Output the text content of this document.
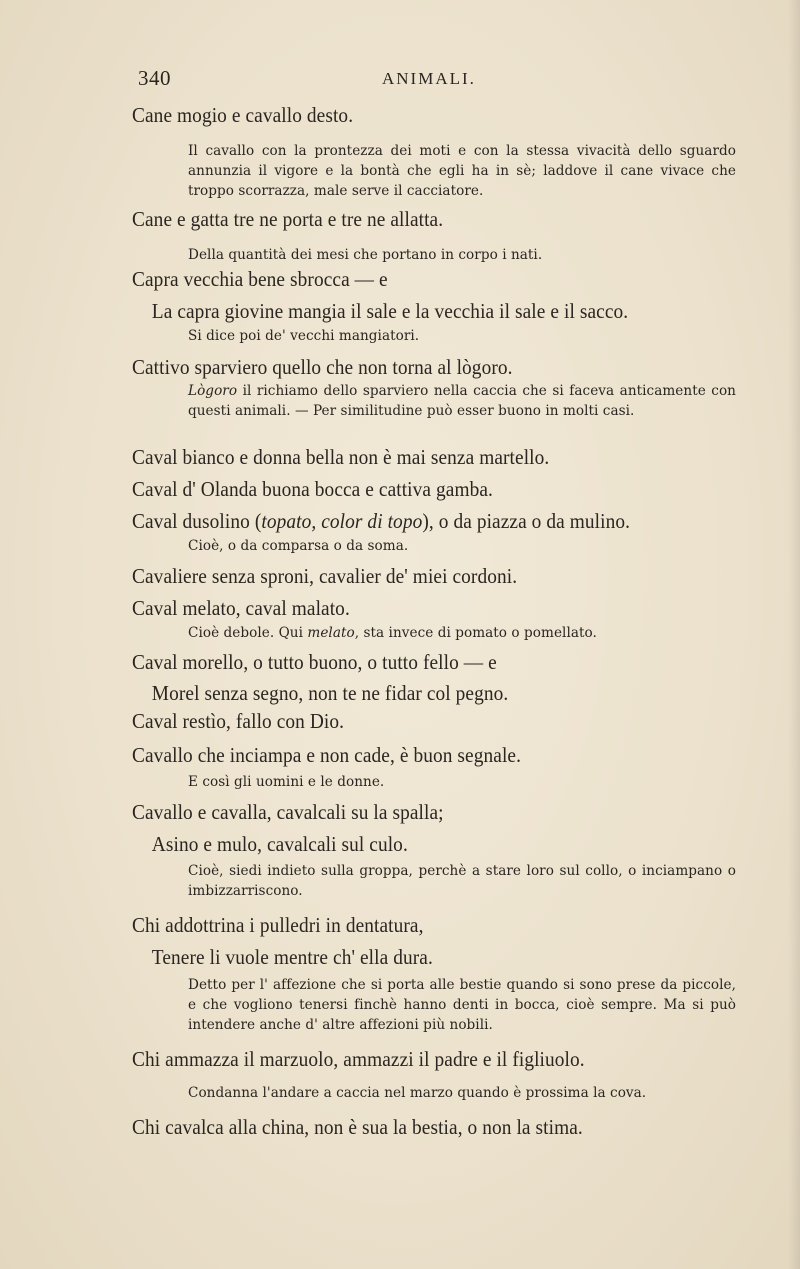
340	ANIMALI.

Cane mogio e cavallo desto.

Il cavallo con la prontezza dei moti e con la stessa vivacità dello sguardo annunzia il vigore e la bontà che egli ha in sè; laddove il cane vivace che troppo scorrazza, male serve il cacciatore.

Cane e gatta tre ne porta e tre ne allatta.

Della quantità dei mesi che portano in corpo i nati.

Capra vecchia bene sbrocca — e
La capra giovine mangia il sale e la vecchia il sale e il sacco.

Si dice poi de' vecchi mangiatori.

Cattivo sparviero quello che non torna al lògoro.

Lògoro il richiamo dello sparviero nella caccia che si faceva anticamente con questi animali. — Per similitudine può esser buono in molti casi.

Caval bianco e donna bella non è mai senza martello.

Caval d' Olanda buona bocca e cattiva gamba.

Caval dusolino (topato, color di topo), o da piazza o da mulino.

Cioè, o da comparsa o da soma.

Cavaliere senza sproni, cavalier de' miei cordoni.

Caval melato, caval malato.

Cioè debole. Qui melato, sta invece di pomato o pomellato.

Caval morello, o tutto buono, o tutto fello — e
Morel senza segno, non te ne fidar col pegno.

Caval restìo, fallo con Dio.

Cavallo che inciampa e non cade, è buon segnale.

E così gli uomini e le donne.

Cavallo e cavalla, cavalcali su la spalla;
Asino e mulo, cavalcali sul culo.

Cioè, siedi indieto sulla groppa, perchè a stare loro sul collo, o inciampano o imbizzarriscono.

Chi addottrina i pulledri in dentatura,
Tenere li vuole mentre ch' ella dura.

Detto per l' affezione che si porta alle bestie quando si sono prese da piccole, e che vogliono tenersi finchè hanno denti in bocca, cioè sempre. Ma si può intendere anche d' altre affezioni più nobili.

Chi ammazza il marzuolo, ammazzi il padre e il figliuolo.

Condanna l'andare a caccia nel marzo quando è prossima la cova.

Chi cavalca alla china, non è sua la bestia, o non la stima.
